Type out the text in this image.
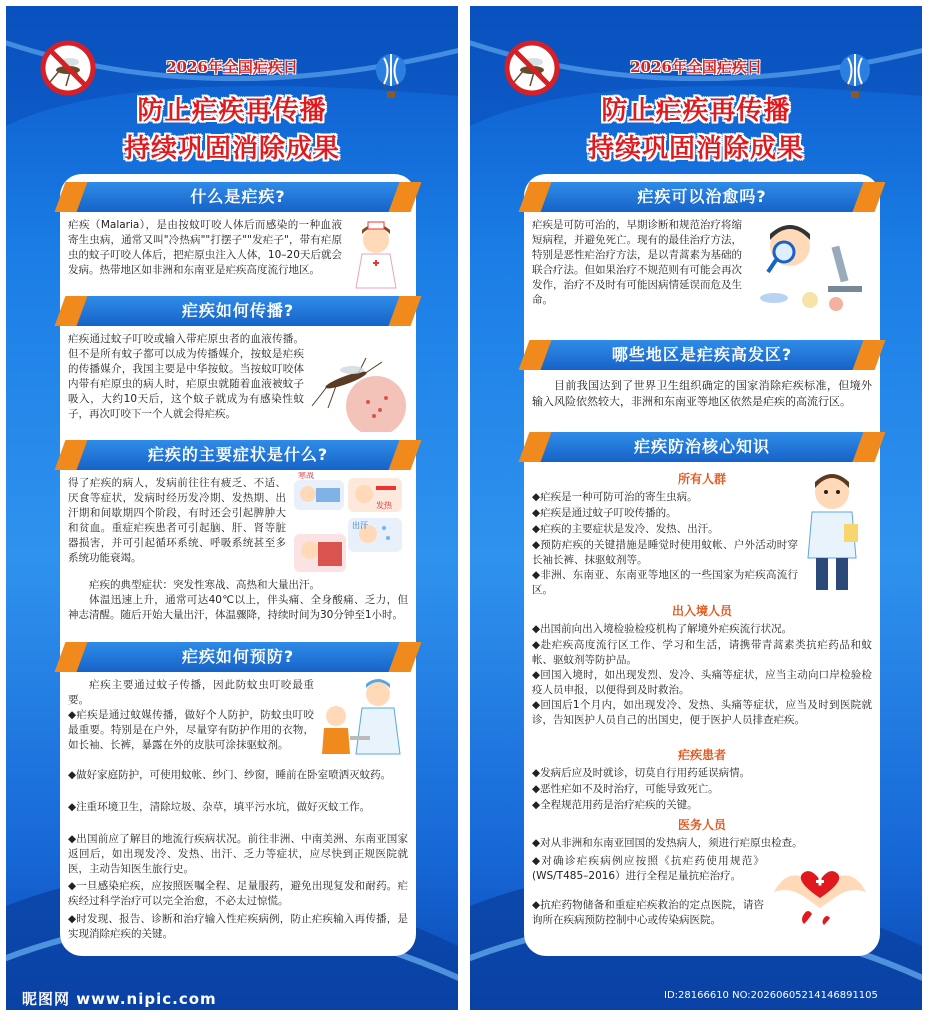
2026年全国疟疾日
防止疟疾再传播
持续巩固消除成果
什么是疟疾?
疟疾（Malaria），是由按蚊叮咬人体后而感染的一种血液寄生虫病，通常又叫"冷热病""打摆子""发疟子"，带有疟原虫的蚊子叮咬人体后，把疟原虫注入人体，10–20天后就会发病。热带地区如非洲和东南亚是疟疾高度流行地区。
疟疾如何传播?
疟疾通过蚊子叮咬或输入带疟原虫者的血液传播。但不是所有蚊子都可以成为传播媒介，按蚊是疟疾的传播媒介，我国主要是中华按蚊。当按蚊叮咬体内带有疟原虫的病人时，疟原虫就随着血液被蚊子吸入，大约10天后，这个蚊子就成为有感染性蚊子，再次叮咬下一个人就会得疟疾。
疟疾的主要症状是什么?
得了疟疾的病人，发病前往往有疲乏、不适、厌食等症状，发病时经历发冷期、发热期、出汗期和间歇期四个阶段，有时还会引起脾肿大和贫血。重症疟疾患者可引起脑、肝、肾等脏器损害，并可引起循环系统、呼吸系统甚至多系统功能衰竭。
疟疾的典型症状：突发性寒战、高热和大量出汗。
体温迅速上升，通常可达40℃以上，伴头痛、全身酸痛、乏力，但神志清醒。随后开始大量出汗，体温骤降，持续时间为30分钟至1小时。
寒战
发热
出汗
疟疾如何预防?
疟疾主要通过蚊子传播，因此防蚊虫叮咬最重要。
◆疟疾是通过蚊媒传播，做好个人防护，防蚊虫叮咬最重要。特别是在户外，尽量穿有防护作用的衣物，如长袖、长裤，暴露在外的皮肤可涂抹驱蚊剂。
◆做好家庭防护，可使用蚊帐、纱门、纱窗，睡前在卧室喷洒灭蚊药。
◆注重环境卫生，清除垃圾、杂草，填平污水坑，做好灭蚊工作。
◆出国前应了解目的地流行疾病状况。前往非洲、中南美洲、东南亚国家返回后，如出现发冷、发热、出汗、乏力等症状，应尽快到正规医院就医，主动告知医生旅行史。
◆一旦感染疟疾，应按照医嘱全程、足量服药，避免出现复发和耐药。疟疾经过科学治疗可以完全治愈，不必太过惊慌。
◆时发现、报告、诊断和治疗输入性疟疾病例，防止疟疾输入再传播，是实现消除疟疾的关键。
昵图网 www.nipic.com
2026年全国疟疾日
防止疟疾再传播
持续巩固消除成果
疟疾可以治愈吗?
疟疾是可防可治的，早期诊断和规范治疗将缩短病程，并避免死亡。现有的最佳治疗方法，特别是恶性疟治疗方法，是以青蒿素为基础的联合疗法。但如果治疗不规范则有可能会再次发作，治疗不及时有可能因病情延误而危及生命。
哪些地区是疟疾高发区?
目前我国达到了世界卫生组织确定的国家消除疟疾标准，但境外输入风险依然较大，非洲和东南亚等地区依然是疟疾的高流行区。
疟疾防治核心知识
所有人群
◆疟疾是一种可防可治的寄生虫病。
◆疟疾是通过蚊子叮咬传播的。
◆疟疾的主要症状是发冷、发热、出汗。
◆预防疟疾的关键措施是睡觉时使用蚊帐、户外活动时穿长袖长裤、抹驱蚊剂等。
◆非洲、东南亚、东南亚等地区的一些国家为疟疾高流行区。
出入境人员
◆出国前向出入境检验检疫机构了解境外疟疾流行状况。
◆赴疟疾高度流行区工作、学习和生活，请携带青蒿素类抗疟药品和蚊帐、驱蚊剂等防护品。
◆回国入境时，如出现发烈、发冷、头痛等症状，应当主动向口岸检验检疫人员申报，以便得到及时救治。
◆回国后1个月内，如出现发冷、发热、头痛等症状，应当及时到医院就诊，告知医护人员自己的出国史，便于医护人员排查疟疾。
疟疾患者
◆发病后应及时就诊，切莫自行用药延误病情。
◆恶性疟如不及时治疗，可能导致死亡。
◆全程规范用药是治疗疟疾的关键。
医务人员
◆对从非洲和东南亚回国的发热病人，须进行疟原虫检查。
◆对确诊疟疾病例应按照《抗疟药使用规范》(WS/T485–2016）进行全程足量抗疟治疗。
◆抗疟药物储备和重症疟疾救治的定点医院，请咨询所在疾病预防控制中心或传染病医院。
ID:28166610 NO:20260605214146891105
